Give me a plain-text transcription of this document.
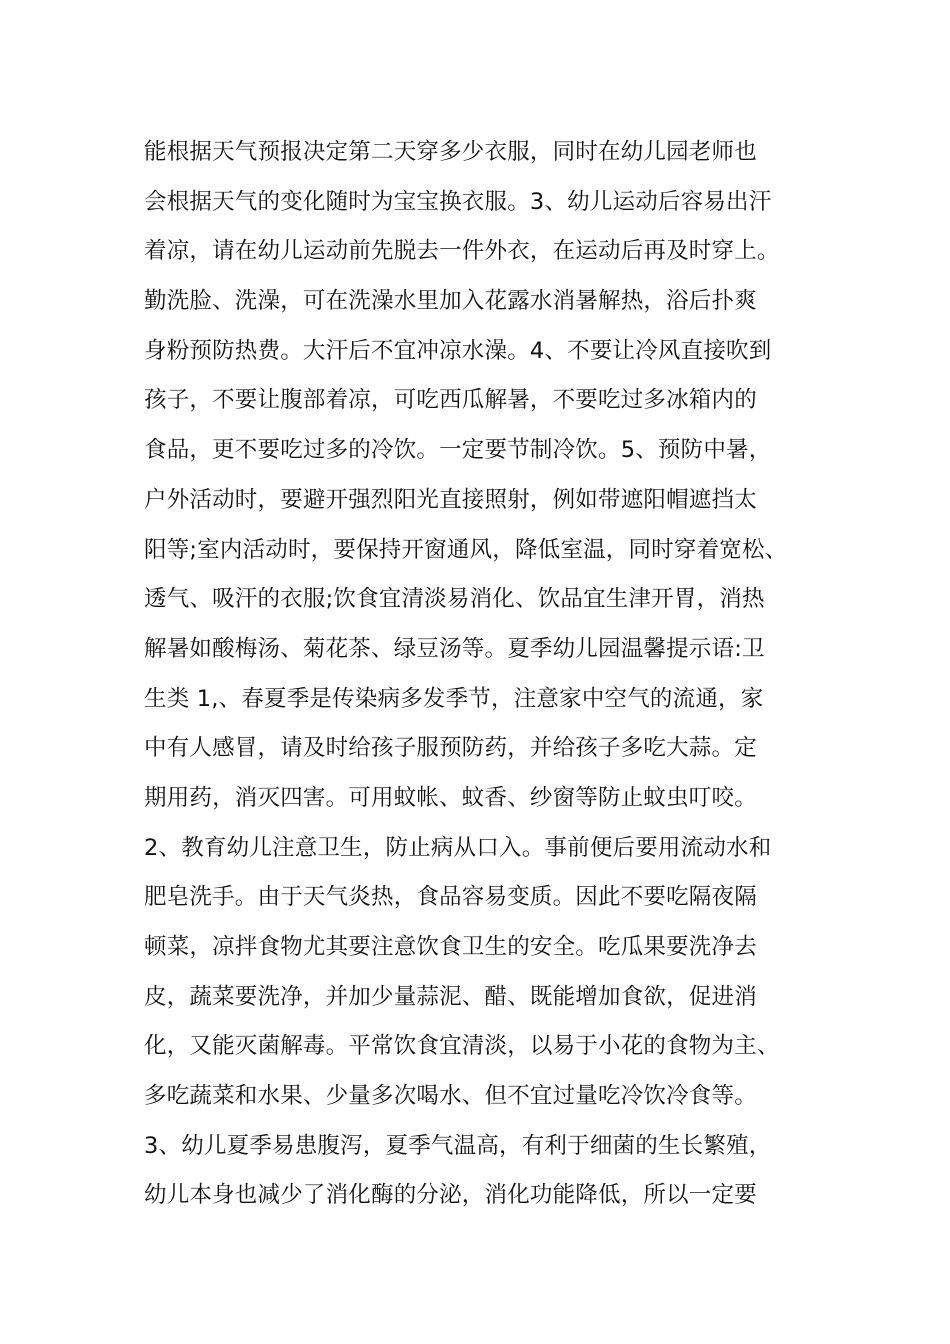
能根据天气预报决定第二天穿多少衣服，同时在幼儿园老师也
会根据天气的变化随时为宝宝换衣服。3、幼儿运动后容易出汗
着凉，请在幼儿运动前先脱去一件外衣，在运动后再及时穿上。
勤洗脸、洗澡，可在洗澡水里加入花露水消暑解热，浴后扑爽
身粉预防热费。大汗后不宜冲凉水澡。4、不要让冷风直接吹到
孩子，不要让腹部着凉，可吃西瓜解暑，不要吃过多冰箱内的
食品，更不要吃过多的冷饮。一定要节制冷饮。5、预防中暑，
户外活动时，要避开强烈阳光直接照射，例如带遮阳帽遮挡太
阳等;室内活动时，要保持开窗通风，降低室温，同时穿着宽松、
透气、吸汗的衣服;饮食宜清淡易消化、饮品宜生津开胃，消热
解暑如酸梅汤、菊花茶、绿豆汤等。夏季幼儿园温馨提示语:卫
生类 1,、春夏季是传染病多发季节，注意家中空气的流通，家
中有人感冒，请及时给孩子服预防药，并给孩子多吃大蒜。定
期用药，消灭四害。可用蚊帐、蚊香、纱窗等防止蚊虫叮咬。
2、教育幼儿注意卫生，防止病从口入。事前便后要用流动水和
肥皂洗手。由于天气炎热，食品容易变质。因此不要吃隔夜隔
顿菜，凉拌食物尤其要注意饮食卫生的安全。吃瓜果要洗净去
皮，蔬菜要洗净，并加少量蒜泥、醋、既能增加食欲，促进消
化，又能灭菌解毒。平常饮食宜清淡，以易于小花的食物为主、
多吃蔬菜和水果、少量多次喝水、但不宜过量吃冷饮冷食等。
3、幼儿夏季易患腹泻，夏季气温高，有利于细菌的生长繁殖，
幼儿本身也减少了消化酶的分泌，消化功能降低，所以一定要
